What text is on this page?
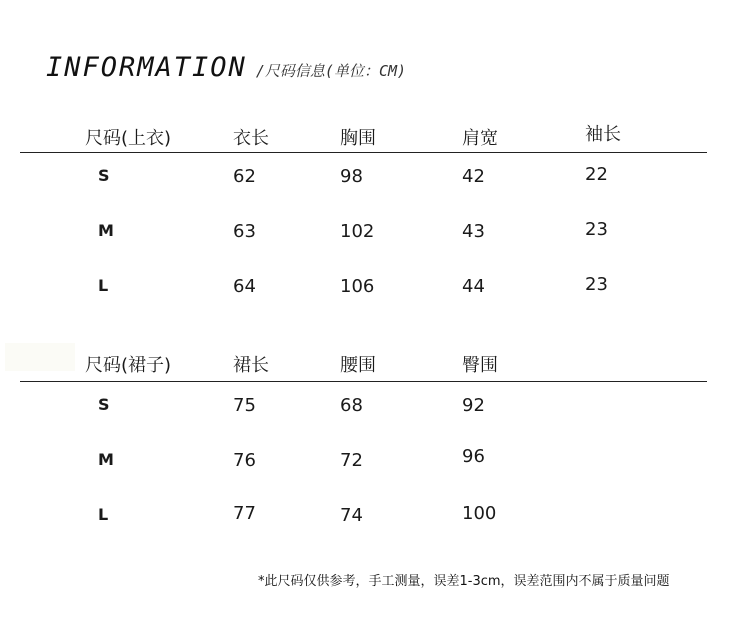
INFORMATION /尺码信息(单位：CM)
尺码(上衣)	衣长	胸围	肩宽	袖长
S	62	98	42	22
M	63	102	43	23
L	64	106	44	23
尺码(裙子)	裙长	腰围	臀围
S	75	68	92
M	76	72	96
L	77	74	100
*此尺码仅供参考，手工测量，误差1-3cm，误差范围内不属于质量问题
